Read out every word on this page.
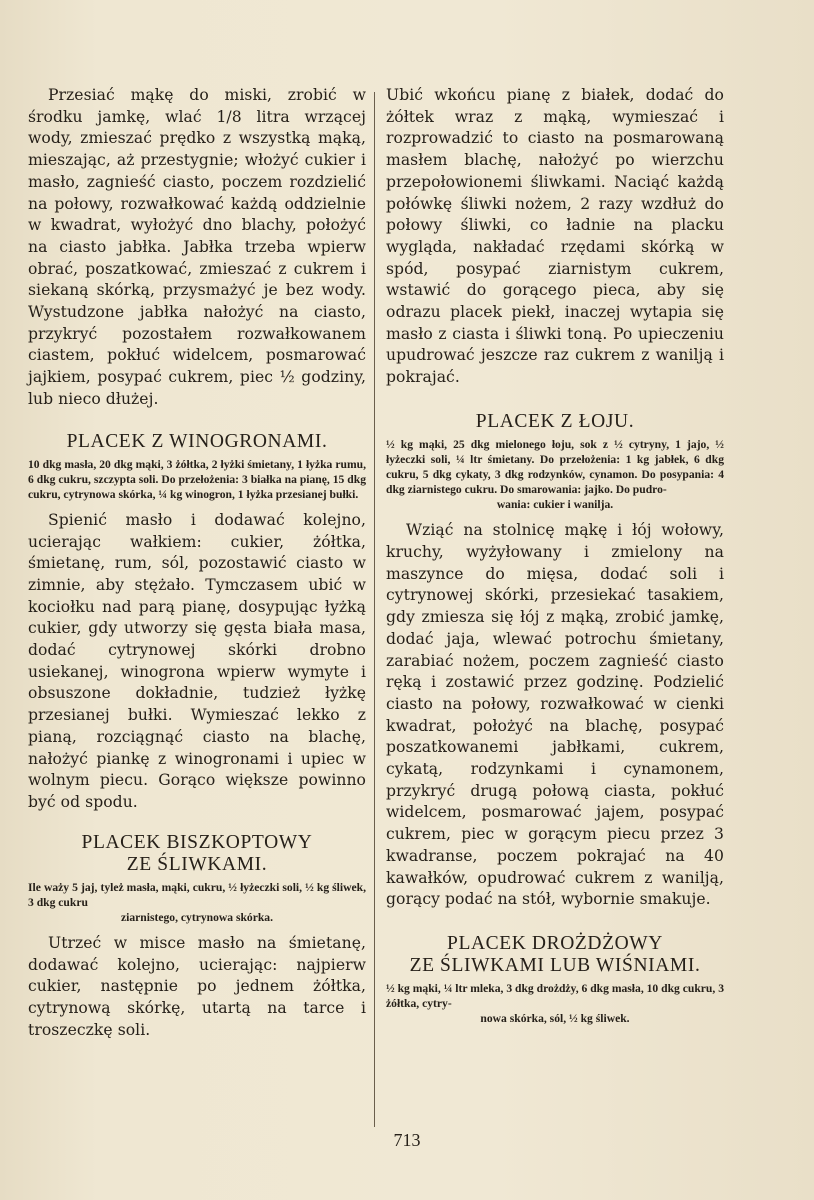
Przesiać mąkę do miski, zrobić w środku jamkę, wlać 1/8 litra wrzącej wody, zmieszać prędko z wszystką mąką, mieszając, aż przestygnie; włożyć cukier i masło, zagnieść ciasto, poczem rozdzielić na połowy, rozwałkować każdą oddzielnie w kwadrat, wyłożyć dno blachy, położyć na ciasto jabłka. Jabłka trzeba wpierw obrać, poszatkować, zmieszać z cukrem i siekaną skórką, przysmażyć je bez wody. Wystudzone jabłka nałożyć na ciasto, przykryć pozostałem rozwałkowanem ciastem, pokłuć widelcem, posmarować jajkiem, posypać cukrem, piec ½ godziny, lub nieco dłużej.

PLACEK Z WINOGRONAMI.

10 dkg masła, 20 dkg mąki, 3 żółtka, 2 łyżki śmietany, 1 łyżka rumu, 6 dkg cukru, szczypta soli. Do przełożenia: 3 białka na pianę, 15 dkg cukru, cytrynowa skórka, ¼ kg winogron, 1 łyżka przesianej bułki.

Spienić masło i dodawać kolejno, ucierając wałkiem: cukier, żółtka, śmietanę, rum, sól, pozostawić ciasto w zimnie, aby stężało. Tymczasem ubić w kociołku nad parą pianę, dosypując łyżką cukier, gdy utworzy się gęsta biała masa, dodać cytrynowej skórki drobno usiekanej, winogrona wpierw wymyte i obsuszone dokładnie, tudzież łyżkę przesianej bułki. Wymieszać lekko z pianą, rozciągnąć ciasto na blachę, nałożyć piankę z winogronami i upiec w wolnym piecu. Gorąco większe powinno być od spodu.

PLACEK BISZKOPTOWY
ZE ŚLIWKAMI.

Ile waży 5 jaj, tyleż masła, mąki, cukru, ½ łyżeczki soli, ½ kg śliwek, 3 dkg cukru
ziarnistego, cytrynowa skórka.

Utrzeć w misce masło na śmietanę, dodawać kolejno, ucierając: najpierw cukier, następnie po jednem żółtka, cytrynową skórkę, utartą na tarce i troszeczkę soli.

Ubić wkońcu pianę z białek, dodać do żółtek wraz z mąką, wymieszać i rozprowadzić to ciasto na posmarowaną masłem blachę, nałożyć po wierzchu przepołowionemi śliwkami. Naciąć każdą połówkę śliwki nożem, 2 razy wzdłuż do połowy śliwki, co ładnie na placku wygląda, nakładać rzędami skórką w spód, posypać ziarnistym cukrem, wstawić do gorącego pieca, aby się odrazu placek piekł, inaczej wytapia się masło z ciasta i śliwki toną. Po upieczeniu upudrować jeszcze raz cukrem z wanilją i pokrajać.

PLACEK Z ŁOJU.

½ kg mąki, 25 dkg mielonego łoju, sok z ½ cytryny, 1 jajo, ½ łyżeczki soli, ¼ ltr śmietany. Do przełożenia: 1 kg jabłek, 6 dkg cukru, 5 dkg cykaty, 3 dkg rodzynków, cynamon. Do posypania: 4 dkg ziarnistego cukru. Do smarowania: jajko. Do pudro-
wania: cukier i wanilja.

Wziąć na stolnicę mąkę i łój wołowy, kruchy, wyżyłowany i zmielony na maszynce do mięsa, dodać soli i cytrynowej skórki, przesiekać tasakiem, gdy zmiesza się łój z mąką, zrobić jamkę, dodać jaja, wlewać potrochu śmietany, zarabiać nożem, poczem zagnieść ciasto ręką i zostawić przez godzinę. Podzielić ciasto na połowy, rozwałkować w cienki kwadrat, położyć na blachę, posypać poszatkowanemi jabłkami, cukrem, cykatą, rodzynkami i cynamonem, przykryć drugą połową ciasta, pokłuć widelcem, posmarować jajem, posypać cukrem, piec w gorącym piecu przez 3 kwadranse, poczem pokrajać na 40 kawałków, opudrować cukrem z wanilją, gorący podać na stół, wybornie smakuje.

PLACEK DROŻDŻOWY
ZE ŚLIWKAMI LUB WIŚNIAMI.

½ kg mąki, ¼ ltr mleka, 3 dkg drożdży, 6 dkg masła, 10 dkg cukru, 3 żółtka, cytry-
nowa skórka, sól, ½ kg śliwek.

713
